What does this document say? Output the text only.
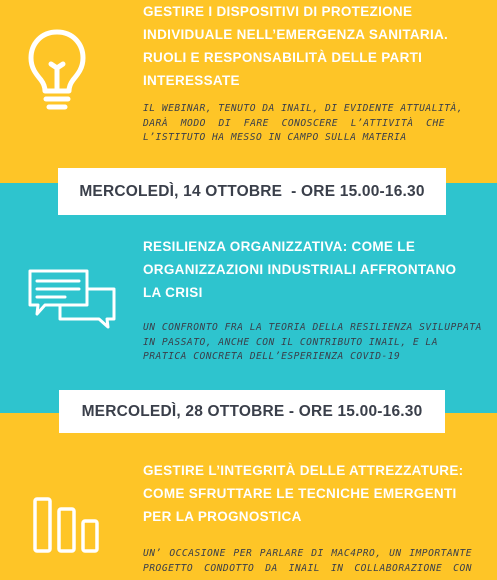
GESTIRE I DISPOSITIVI DI PROTEZIONE
INDIVIDUALE NELL’EMERGENZA SANITARIA.
RUOLI E RESPONSABILITÀ DELLE PARTI
INTERESSATE
IL WEBINAR, TENUTO DA INAIL, DI EVIDENTE ATTUALITÀ,
DARÀ MODO DI FARE CONOSCERE L’ATTIVITÀ CHE
L’ISTITUTO HA MESSO IN CAMPO SULLA MATERIA
MERCOLEDÌ, 14 OTTOBRE  - ORE 15.00-16.30
RESILIENZA ORGANIZZATIVA: COME LE
ORGANIZZAZIONI INDUSTRIALI AFFRONTANO
LA CRISI
UN CONFRONTO FRA LA TEORIA DELLA RESILIENZA SVILUPPATA
IN PASSATO, ANCHE CON IL CONTRIBUTO INAIL, E LA
PRATICA CONCRETA DELL’ESPERIENZA COVID-19
MERCOLEDÌ, 28 OTTOBRE - ORE 15.00-16.30
GESTIRE L’INTEGRITÀ DELLE ATTREZZATURE:
COME SFRUTTARE LE TECNICHE EMERGENTI
PER LA PROGNOSTICA
UN’ OCCASIONE PER PARLARE DI MAC4PRO, UN IMPORTANTE
PROGETTO CONDOTTO DA INAIL IN COLLABORAZIONE CON
